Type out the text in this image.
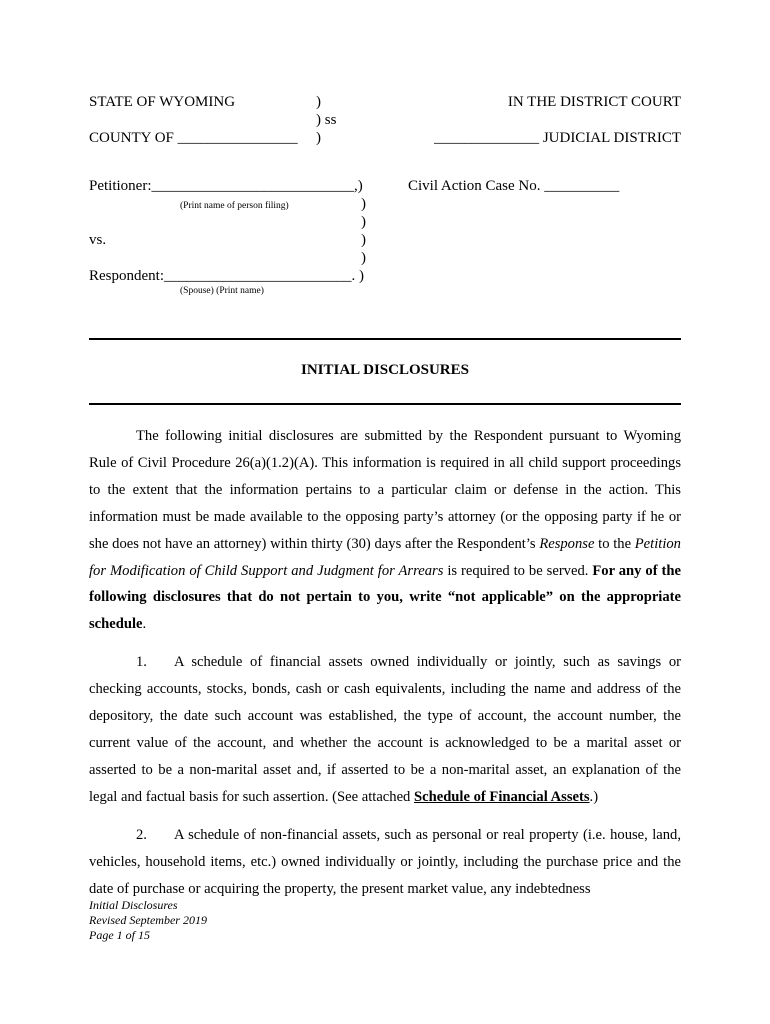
STATE OF WYOMING
COUNTY OF ________________
)
) ss
)
IN THE DISTRICT COURT
______________ JUDICIAL DISTRICT
Petitioner:___________________________,)
(Print name of person filing)	)
)
vs.	)
)
Respondent:_________________________. )
(Spouse) (Print name)
Civil Action Case No. __________
INITIAL DISCLOSURES
The following initial disclosures are submitted by the Respondent pursuant to Wyoming Rule of Civil Procedure 26(a)(1.2)(A). This information is required in all child support proceedings to the extent that the information pertains to a particular claim or defense in the action. This information must be made available to the opposing party’s attorney (or the opposing party if he or she does not have an attorney) within thirty (30) days after the Respondent’s Response to the Petition for Modification of Child Support and Judgment for Arrears is required to be served. For any of the following disclosures that do not pertain to you, write “not applicable” on the appropriate schedule.
1. A schedule of financial assets owned individually or jointly, such as savings or checking accounts, stocks, bonds, cash or cash equivalents, including the name and address of the depository, the date such account was established, the type of account, the account number, the current value of the account, and whether the account is acknowledged to be a marital asset or asserted to be a non-marital asset and, if asserted to be a non-marital asset, an explanation of the legal and factual basis for such assertion. (See attached Schedule of Financial Assets.)
2. A schedule of non-financial assets, such as personal or real property (i.e. house, land, vehicles, household items, etc.) owned individually or jointly, including the purchase price and the date of purchase or acquiring the property, the present market value, any indebtedness
Initial Disclosures
Revised September 2019
Page 1 of 15
